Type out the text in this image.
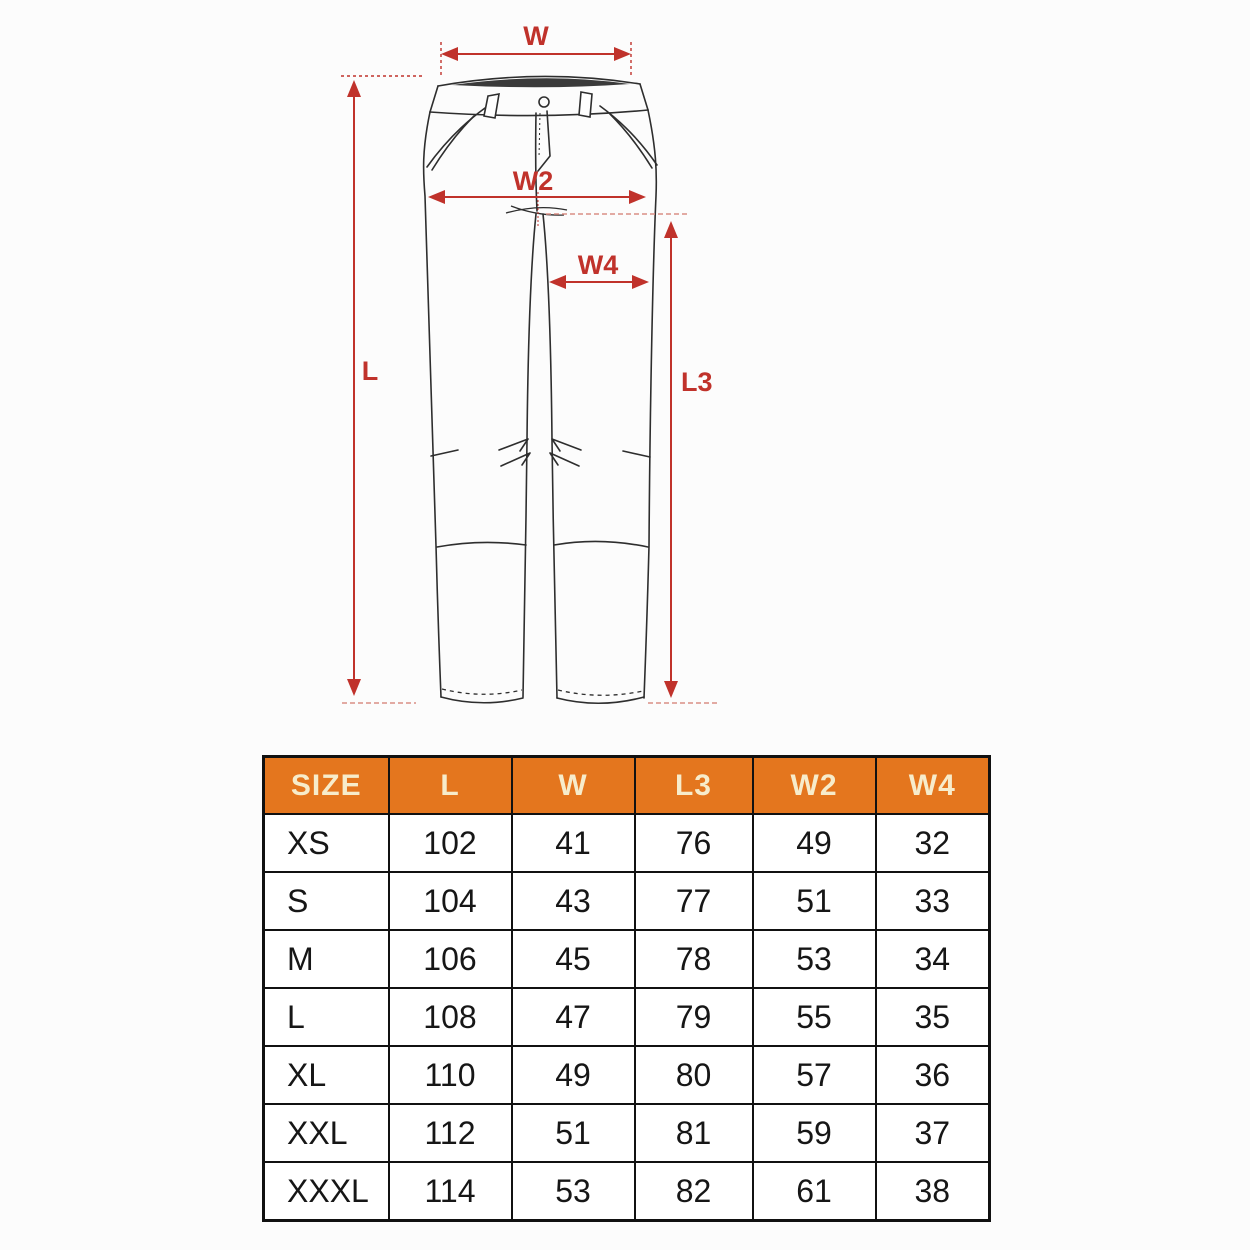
W
L
W2
W4
L3
SIZE	L	W	L3	W2	W4
XS	102	41	76	49	32
S	104	43	77	51	33
M	106	45	78	53	34
L	108	47	79	55	35
XL	110	49	80	57	36
XXL	112	51	81	59	37
XXXL	114	53	82	61	38
